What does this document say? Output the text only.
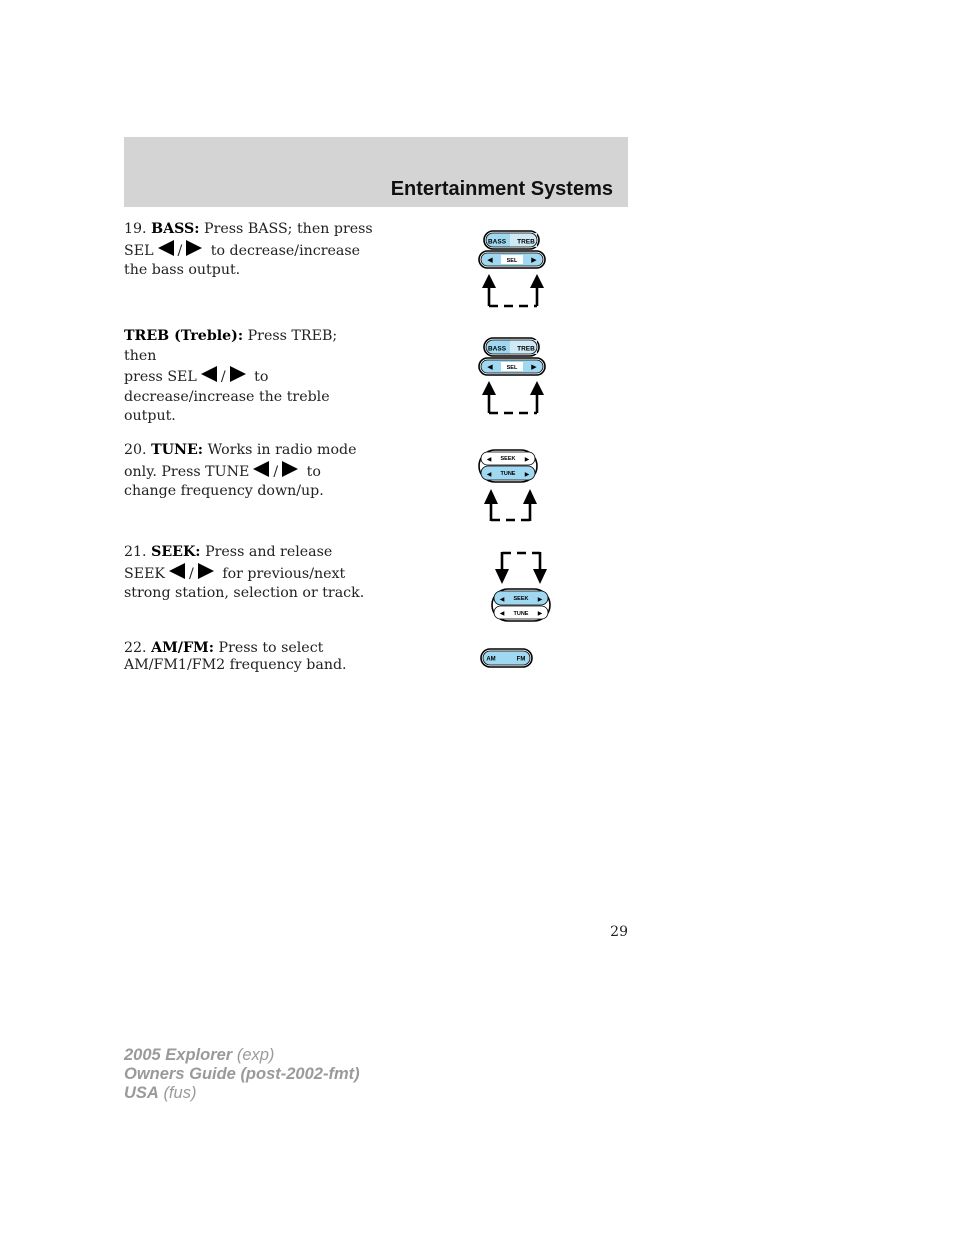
Entertainment Systems
19. BASS: Press BASS; then press
SEL / to decrease/increase
the bass output.
TREB (Treble): Press TREB; then
press SEL / to
decrease/increase the treble output.
20. TUNE: Works in radio mode
only. Press TUNE / to
change frequency down/up.
21. SEEK: Press and release
SEEK / for previous/next
strong station, selection or track.
22. AM/FM: Press to select
AM/FM1/FM2 frequency band.
BASS TREB
SEL
◀	▶
BASS TREB
SEL
◀	▶
SEEK
TUNE
◀	▶
◀	▶
SEEK
TUNE
◀	▶
◀	▶
AM	FM
29
2005 Explorer (exp)
Owners Guide (post-2002-fmt)
USA (fus)
